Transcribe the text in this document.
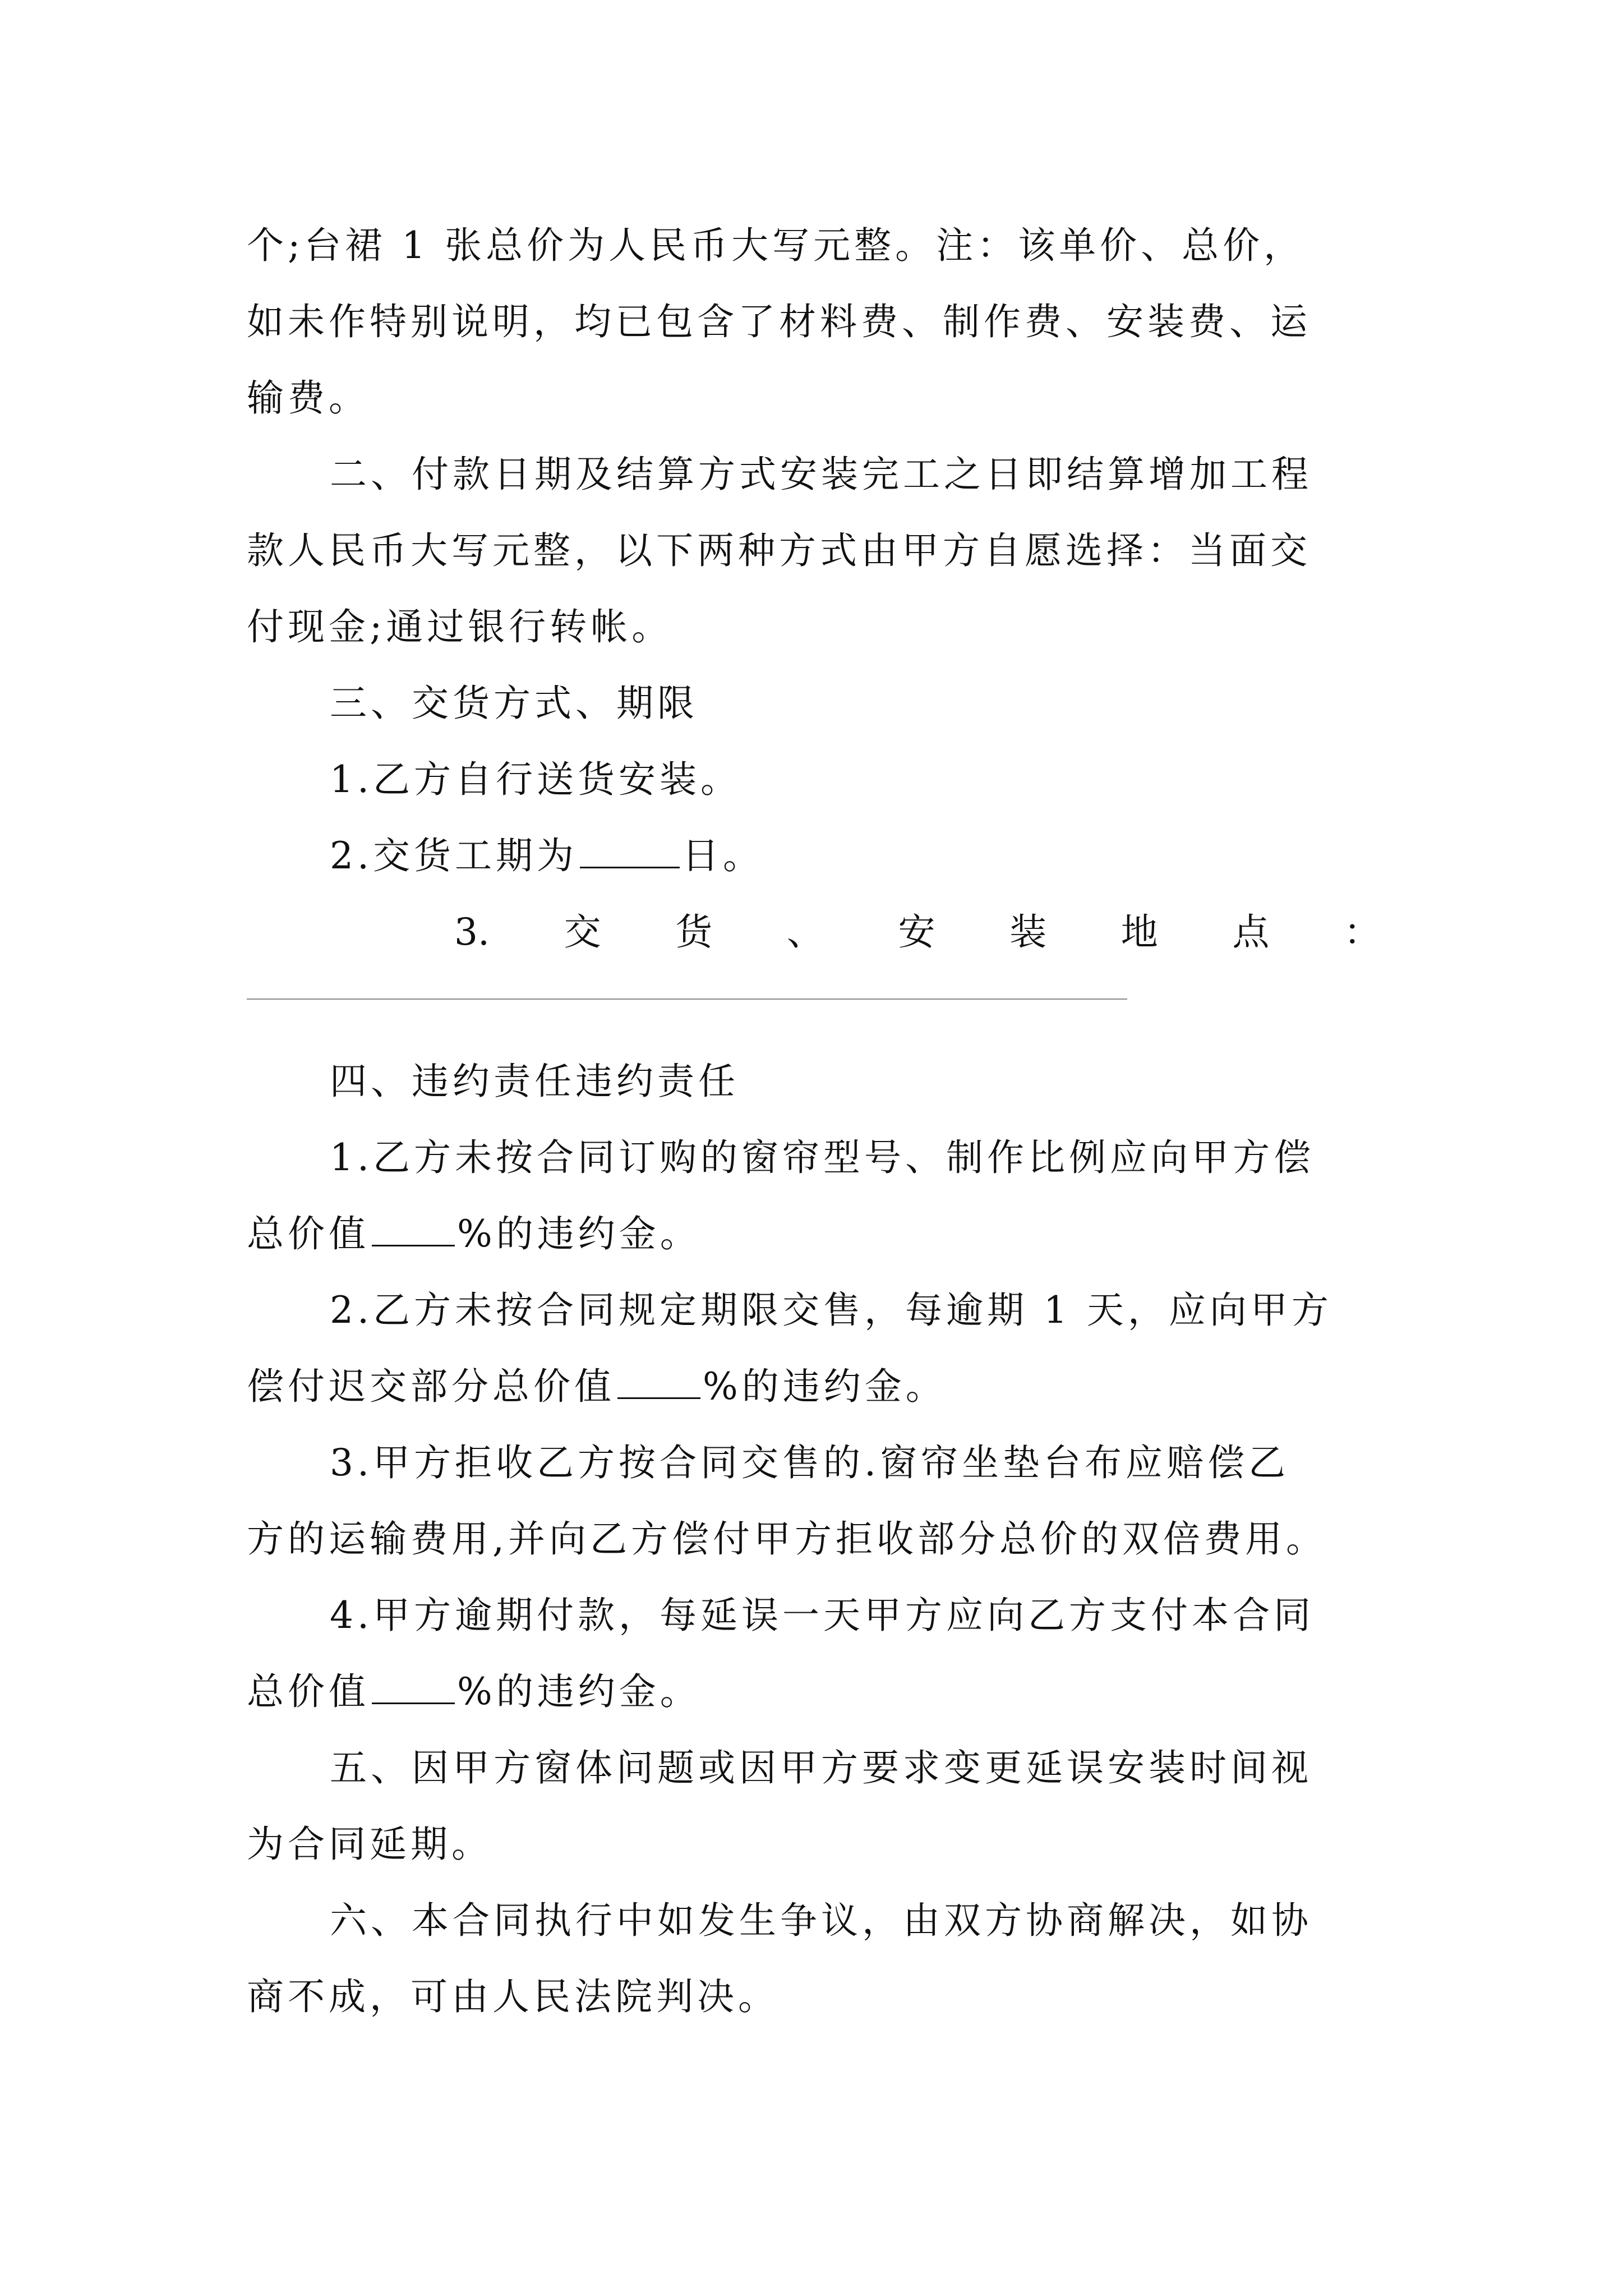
个;台裙 1 张总价为人民币大写元整。注：该单价、总价，
如未作特别说明，均已包含了材料费、制作费、安装费、运
输费。
二、付款日期及结算方式安装完工之日即结算增加工程
款人民币大写元整，以下两种方式由甲方自愿选择：当面交
付现金;通过银行转帐。
三、交货方式、期限
1.乙方自行送货安装。
2.交货工期为	日。
3. 交 货 、 安 装 地 点 ：
四、违约责任违约责任
1.乙方未按合同订购的窗帘型号、制作比例应向甲方偿
总价值 %的违约金。
2.乙方未按合同规定期限交售，每逾期 1 天，应向甲方
偿付迟交部分总价值 %的违约金。
3.甲方拒收乙方按合同交售的.窗帘坐垫台布应赔偿乙
方的运输费用,并向乙方偿付甲方拒收部分总价的双倍费用。
4.甲方逾期付款，每延误一天甲方应向乙方支付本合同
总价值 %的违约金。
五、因甲方窗体问题或因甲方要求变更延误安装时间视
为合同延期。
六、本合同执行中如发生争议，由双方协商解决，如协
商不成，可由人民法院判决。
